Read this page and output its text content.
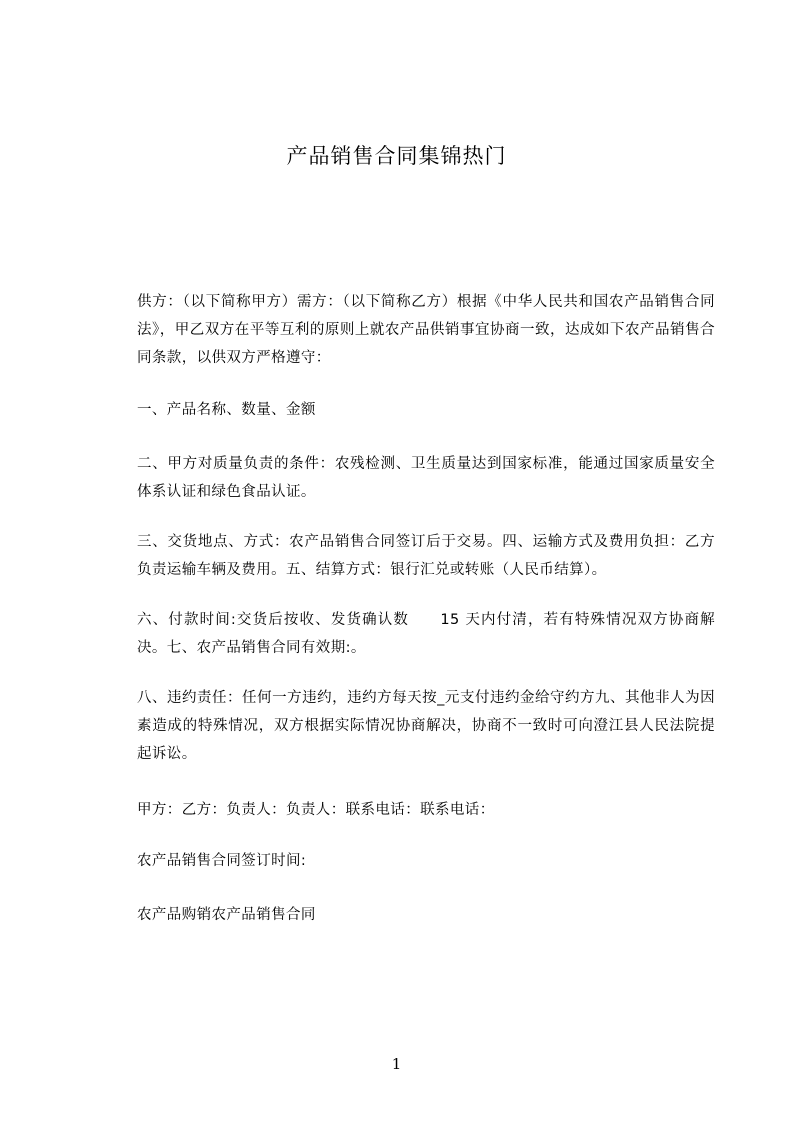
产品销售合同集锦热门

供方：（以下简称甲方）需方：（以下简称乙方）根据《中华人民共和国农产品销售合同法》，甲乙双方在平等互利的原则上就农产品供销事宜协商一致，达成如下农产品销售合同条款，以供双方严格遵守：

一、产品名称、数量、金额

二、甲方对质量负责的条件：农残检测、卫生质量达到国家标准，能通过国家质量安全体系认证和绿色食品认证。

三、交货地点、方式：农产品销售合同签订后于交易。四、运输方式及费用负担：乙方负责运输车辆及费用。五、结算方式：银行汇兑或转账（人民币结算）。

六、付款时间:交货后按收、发货确认数　　15 天内付清，若有特殊情况双方协商解决。七、农产品销售合同有效期:。

八、违约责任：任何一方违约，违约方每天按_元支付违约金给守约方九、其他非人为因素造成的特殊情况，双方根据实际情况协商解决，协商不一致时可向澄江县人民法院提起诉讼。

甲方：乙方：负责人：负责人：联系电话：联系电话：

农产品销售合同签订时间:

农产品购销农产品销售合同

1
